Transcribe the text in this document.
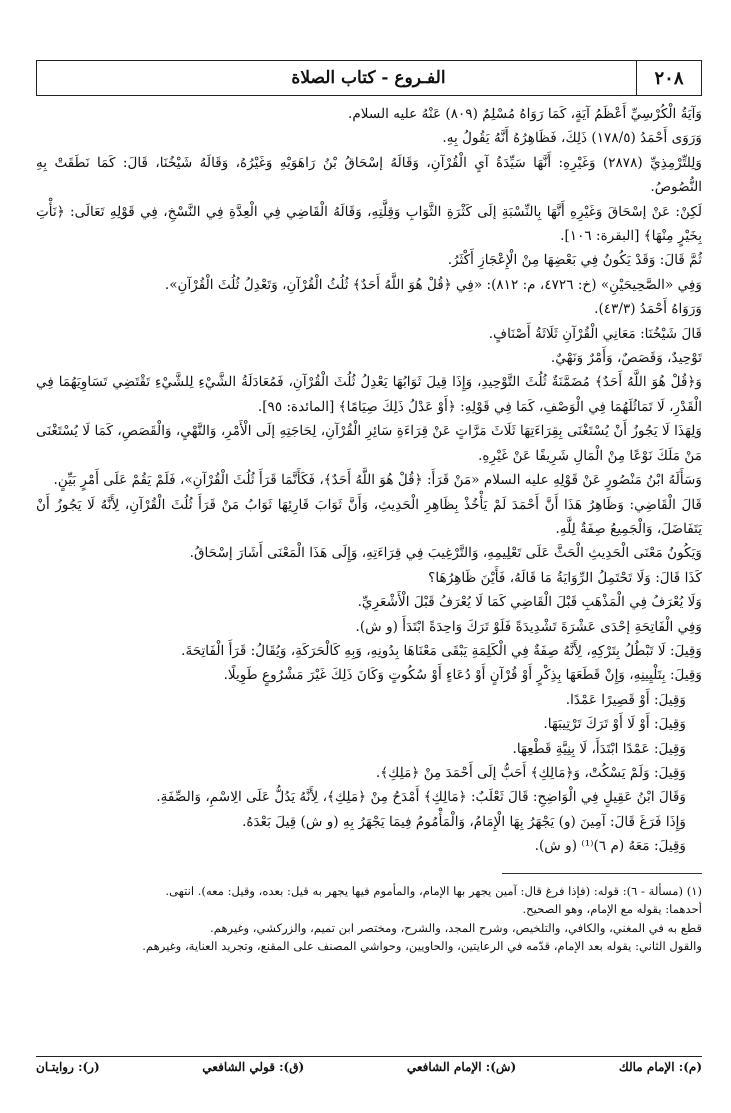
٢٠٨
الفـروع - كتاب الصلاة

وَآيَةُ الْكُرْسِيِّ أَعْظَمُ آيَةٍ، كَمَا رَوَاهُ مُسْلِمٌ (٨٠٩) عَنْهُ عليه السلام.

وَرَوَى أَحْمَدُ (١٧٨/٥) ذَلِكَ، فَظَاهِرُهُ أَنَّهُ يَقُولُ بِهِ.

وَلِلتِّرْمِذِيِّ (٢٨٧٨) وَغَيْرِهِ: أَنَّهَا سَيِّدَةُ آيِ الْقُرْآنِ، وَقَالَهُ إسْحَاقُ بْنُ رَاهَوَيْهِ وَغَيْرُهُ، وَقَالَهُ شَيْخُنَا، قَالَ: كَمَا نَطَقَتْ بِهِ النُّصُوصُ.

لَكِنْ: عَنْ إسْحَاقَ وَغَيْرِهِ أَنَّهَا بِالنِّسْبَةِ إلَى كَثْرَةِ الثَّوَابِ وَقِلَّتِهِ، وَقَالَهُ الْقَاضِي فِي الْعِدَّةِ فِي النَّسْخِ، فِي قَوْلِهِ تَعَالَى: ﴿نَأْتِ بِخَيْرٍ مِنْهَا﴾ [البقرة: ١٠٦].

ثُمَّ قَالَ: وَقَدْ يَكُونُ فِي بَعْضِهَا مِنْ الْإِعْجَازِ أَكْثَرُ.

وَفِي «الصَّحِيحَيْنِ» (خ: ٤٧٢٦، م: ٨١٢): «فِي ﴿قُلْ هُوَ اللَّهُ أَحَدٌ﴾ ثُلُثُ الْقُرْآنِ، وَتَعْدِلُ ثُلُثَ الْقُرْآنِ».

وَرَوَاهُ أَحْمَدُ (٤٣/٣).

قَالَ شَيْخُنَا: مَعَانِي الْقُرْآنِ ثَلَاثَةُ أَصْنَافٍ.

تَوْحِيدٌ، وَقَصَصٌ، وَأَمْرٌ وَنَهْيٌ.

وَ﴿قُلْ هُوَ اللَّهُ أَحَدٌ﴾ مُضَمَّنَةٌ ثُلُثَ التَّوْحِيدِ، وَإِذَا قِيلَ ثَوَابُهَا يَعْدِلُ ثُلُثَ الْقُرْآنِ، فَمُعَادَلَةُ الشَّيْءِ لِلشَّيْءِ تَقْتَضِي تَسَاوِيَهُمَا فِي الْقَدْرِ، لَا تَمَاثُلَهُمَا فِي الْوَصْفِ، كَمَا فِي قَوْلِهِ: ﴿أَوْ عَدْلُ ذَلِكَ صِيَامًا﴾ [المائدة: ٩٥].

وَلِهَذَا لَا يَجُوزُ أَنْ يُسْتَغْنَى بِقِرَاءَتِهَا ثَلَاثَ مَرَّاتٍ عَنْ قِرَاءَةِ سَائِرِ الْقُرْآنِ، لِحَاجَتِهِ إلَى الْأَمْرِ، وَالنَّهْيِ، وَالْقَصَصِ، كَمَا لَا يُسْتَغْنَى مَنْ مَلَكَ نَوْعًا مِنْ الْمَالِ شَرِيفًا عَنْ غَيْرِهِ.

وَسَأَلَهُ ابْنُ مَنْصُورٍ عَنْ قَوْلِهِ عليه السلام «مَنْ قَرَأَ: ﴿قُلْ هُوَ اللَّهُ أَحَدٌ﴾، فَكَأَنَّمَا قَرَأَ ثُلُثَ الْقُرْآنِ»، فَلَمْ يَقُمْ عَلَى أَمْرٍ بَيِّنٍ.

قَالَ الْقَاضِي: وَظَاهِرُ هَذَا أَنَّ أَحْمَدَ لَمْ يَأْخُذْ بِظَاهِرِ الْحَدِيثِ، وَأَنَّ ثَوَابَ قَارِئِهَا ثَوَابُ مَنْ قَرَأَ ثُلُثَ الْقُرْآنِ، لِأَنَّهُ لَا يَجُوزُ أَنْ يَتَفَاضَلَ، وَالْجَمِيعُ صِفَةٌ لِلَّهِ.

وَيَكُونُ مَعْنَى الْحَدِيثِ الْحَثَّ عَلَى تَعْلِيمِهِ، وَالتَّرْغِيبَ فِي قِرَاءَتِهِ، وَإِلَى هَذَا الْمَعْنَى أَشَارَ إسْحَاقُ.

كَذَا قَالَ: وَلَا تَحْتَمِلُ الرِّوَايَةُ مَا قَالَهُ، فَأَيْنَ ظَاهِرُهَا؟

وَلَا يُعْرَفُ فِي الْمَذْهَبِ قَبْلَ الْقَاضِي كَمَا لَا يُعْرَفُ قَبْلَ الْأَشْعَرِيِّ.

وَفِي الْفَاتِحَةِ إحْدَى عَشْرَةَ تَشْدِيدَةً فَلَوْ تَرَكَ وَاحِدَةً ابْتَدَأَ (و ش).

وَقِيلَ: لَا تَبْطُلُ بِتَرْكِهِ، لِأَنَّهُ صِفَةٌ فِي الْكَلِمَةِ يَبْقَى مَعْنَاهَا بِدُونِهِ، وَبِهِ كَالْحَرَكَةِ، وَيُقَالُ: قَرَأَ الْفَاتِحَةَ.

وَقِيلَ: بِتَلْيِينِهِ، وَإِنْ قَطَعَهَا بِذِكْرٍ أَوْ قُرْآنٍ أَوْ دُعَاءٍ أَوْ سُكُوتٍ وَكَانَ ذَلِكَ غَيْرَ مَشْرُوعٍ طَوِيلًا.

وَقِيلَ: أَوْ قَصِيرًا عَمْدًا.

وَقِيلَ: أَوْ لَا أَوْ تَرَكَ تَرْتِيبَهَا.

وَقِيلَ: عَمْدًا ابْتَدَأَ، لَا بِنِيَّةِ قَطْعِهَا.

وَقِيلَ: وَلَمْ يَسْكُتْ، وَ﴿مَالِكِ﴾ أَحَبُّ إلَى أَحْمَدَ مِنْ ﴿مَلِكِ﴾.

وَقَالَ ابْنُ عَقِيلٍ فِي الْوَاضِحِ: قَالَ ثَعْلَبٌ: ﴿مَالِكِ﴾ أَمْدَحُ مِنْ ﴿مَلِكِ﴾، لِأَنَّهُ يَدُلُّ عَلَى الِاسْمِ، وَالصِّفَةِ.

وَإِذَا فَرَغَ قَالَ: آمِينَ (و) يَجْهَرُ بِهَا الْإِمَامُ، وَالْمَأْمُومُ فِيمَا يَجْهَرُ بِهِ (و ش) قِيلَ بَعْدَهُ.

وَقِيلَ: مَعَهُ (م ٦)⁽¹⁾ (و ش).

(١) (مسألة - ٦): قوله: (فإذا فرغ قال: آمين يجهر بها الإمام، والمأموم فيها يجهر به قيل: بعده، وقيل: معه). انتهى.

أحدهما: يقوله مع الإمام، وهو الصحيح.

قطع به في المغني، والكافي، والتلخيص، وشرح المجد، والشرح، ومختصر ابن تميم، والزركشي، وغيرهم.

والقول الثاني: يقوله بعد الإمام، قدّمه في الرعايتين، والحاويين، وحواشي المصنف على المقنع، وتجريد العناية، وغيرهم.

(م): الإمام مالك
(ش): الإمام الشافعي
(ق): قولي الشافعي
(ر): روايتـان
